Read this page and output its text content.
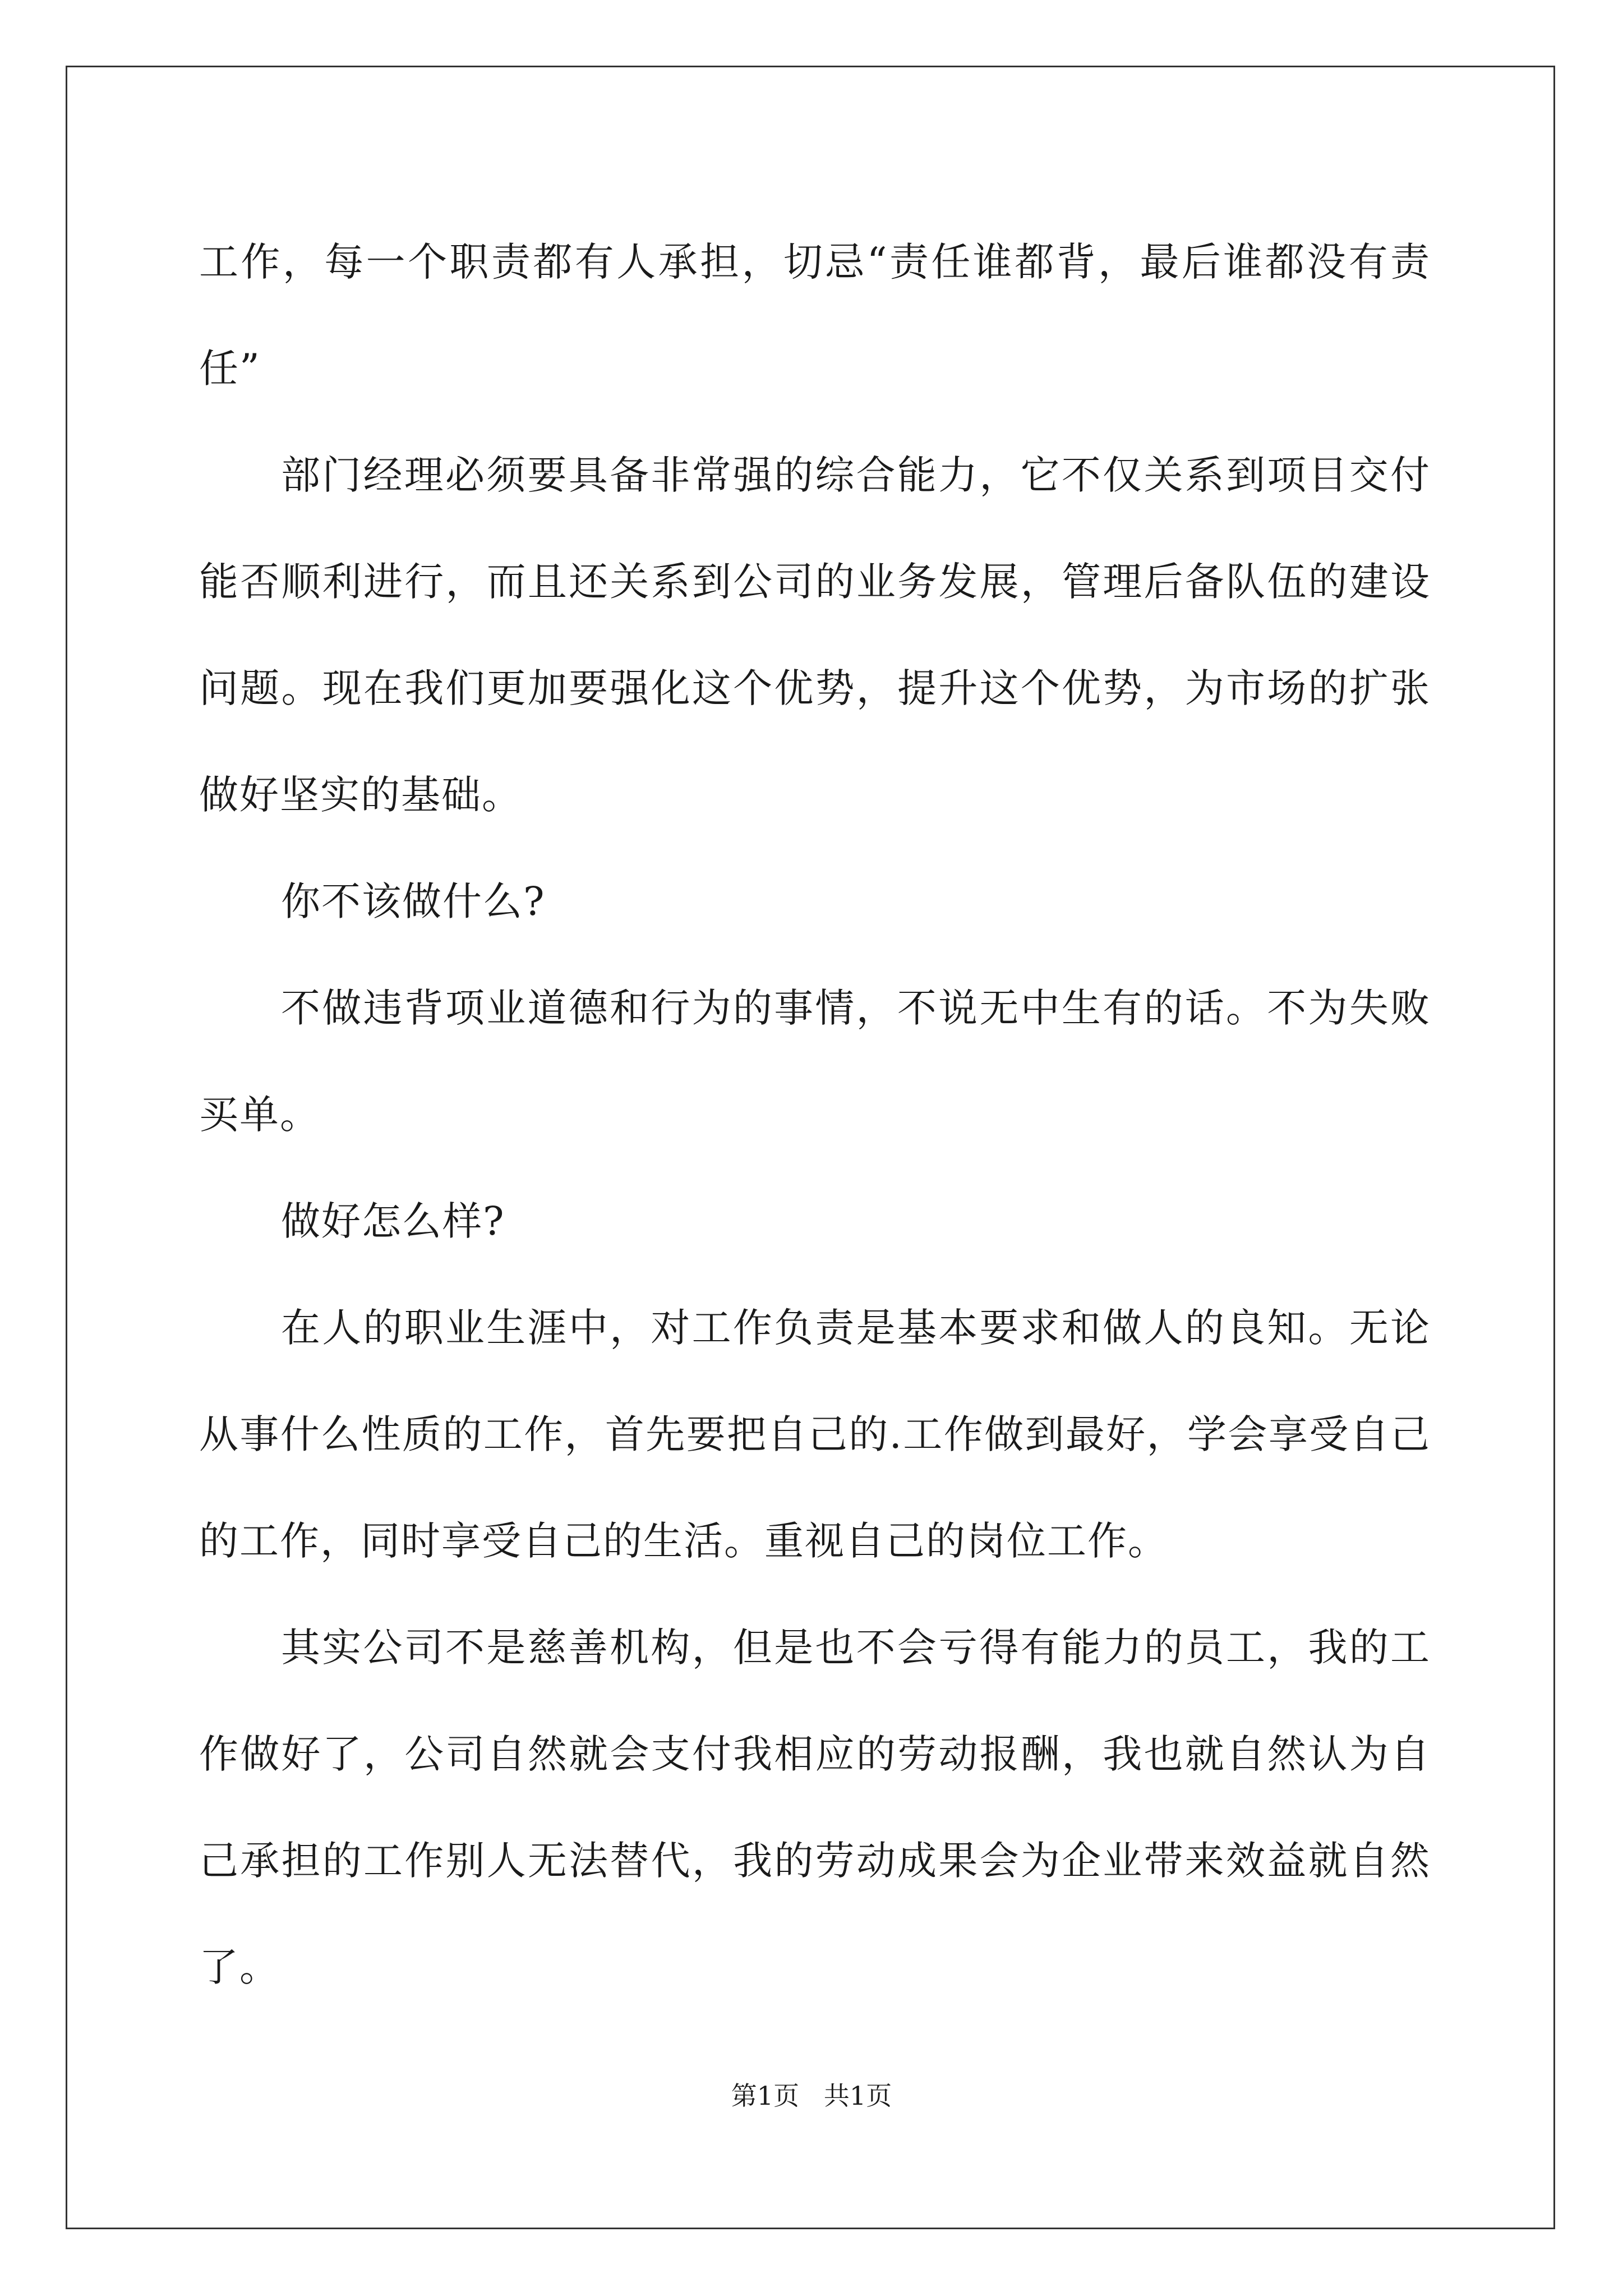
工作，每一个职责都有人承担，切忌“责任谁都背，最后谁都没有责任”

部门经理必须要具备非常强的综合能力，它不仅关系到项目交付能否顺利进行，而且还关系到公司的业务发展，管理后备队伍的建设问题。现在我们更加要强化这个优势，提升这个优势，为市场的扩张做好坚实的基础。

你不该做什么?

不做违背项业道德和行为的事情，不说无中生有的话。不为失败买单。

做好怎么样?

在人的职业生涯中，对工作负责是基本要求和做人的良知。无论从事什么性质的工作，首先要把自己的.工作做到最好，学会享受自己的工作，同时享受自己的生活。重视自己的岗位工作。

其实公司不是慈善机构，但是也不会亏得有能力的员工，我的工作做好了，公司自然就会支付我相应的劳动报酬，我也就自然认为自己承担的工作别人无法替代，我的劳动成果会为企业带来效益就自然了。

第1页   共1页
